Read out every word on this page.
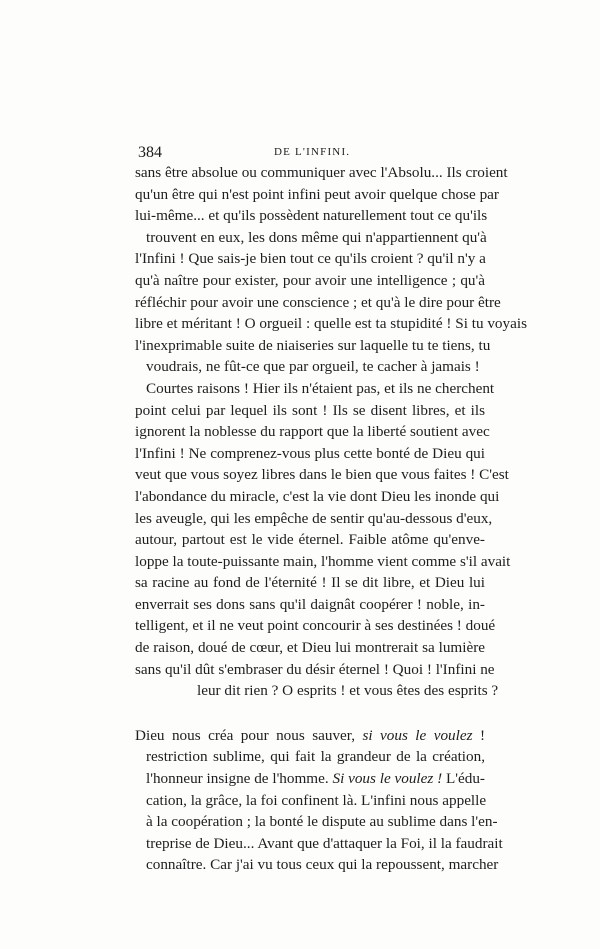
384	DE L'INFINI.
sans être absolue ou communiquer avec l'Absolu... Ils croient
qu'un être qui n'est point infini peut avoir quelque chose par
lui-même... et qu'ils possèdent naturellement tout ce qu'ils
trouvent en eux, les dons même qui n'appartiennent qu'à
l'Infini ! Que sais-je bien tout ce qu'ils croient ? qu'il n'y a
qu'à naître pour exister, pour avoir une intelligence ; qu'à
réfléchir pour avoir une conscience ; et qu'à le dire pour être
libre et méritant ! O orgueil : quelle est ta stupidité ! Si tu voyais
l'inexprimable suite de niaiseries sur laquelle tu te tiens, tu
voudrais, ne fût-ce que par orgueil, te cacher à jamais !
Courtes raisons ! Hier ils n'étaient pas, et ils ne cherchent
point celui par lequel ils sont ! Ils se disent libres, et ils
ignorent la noblesse du rapport que la liberté soutient avec
l'Infini ! Ne comprenez-vous plus cette bonté de Dieu qui
veut que vous soyez libres dans le bien que vous faites ! C'est
l'abondance du miracle, c'est la vie dont Dieu les inonde qui
les aveugle, qui les empêche de sentir qu'au-dessous d'eux,
autour, partout est le vide éternel. Faible atôme qu'enve-
loppe la toute-puissante main, l'homme vient comme s'il avait
sa racine au fond de l'éternité ! Il se dit libre, et Dieu lui
enverrait ses dons sans qu'il daignât coopérer ! noble, in-
telligent, et il ne veut point concourir à ses destinées ! doué
de raison, doué de cœur, et Dieu lui montrerait sa lumière
sans qu'il dût s'embraser du désir éternel ! Quoi ! l'Infini ne
leur dit rien ? O esprits ! et vous êtes des esprits ?
Dieu nous créa pour nous sauver, si vous le voulez !
restriction sublime, qui fait la grandeur de la création,
l'honneur insigne de l'homme. Si vous le voulez ! L'édu-
cation, la grâce, la foi confinent là. L'infini nous appelle
à la coopération ; la bonté le dispute au sublime dans l'en-
treprise de Dieu... Avant que d'attaquer la Foi, il la faudrait
connaître. Car j'ai vu tous ceux qui la repoussent, marcher
